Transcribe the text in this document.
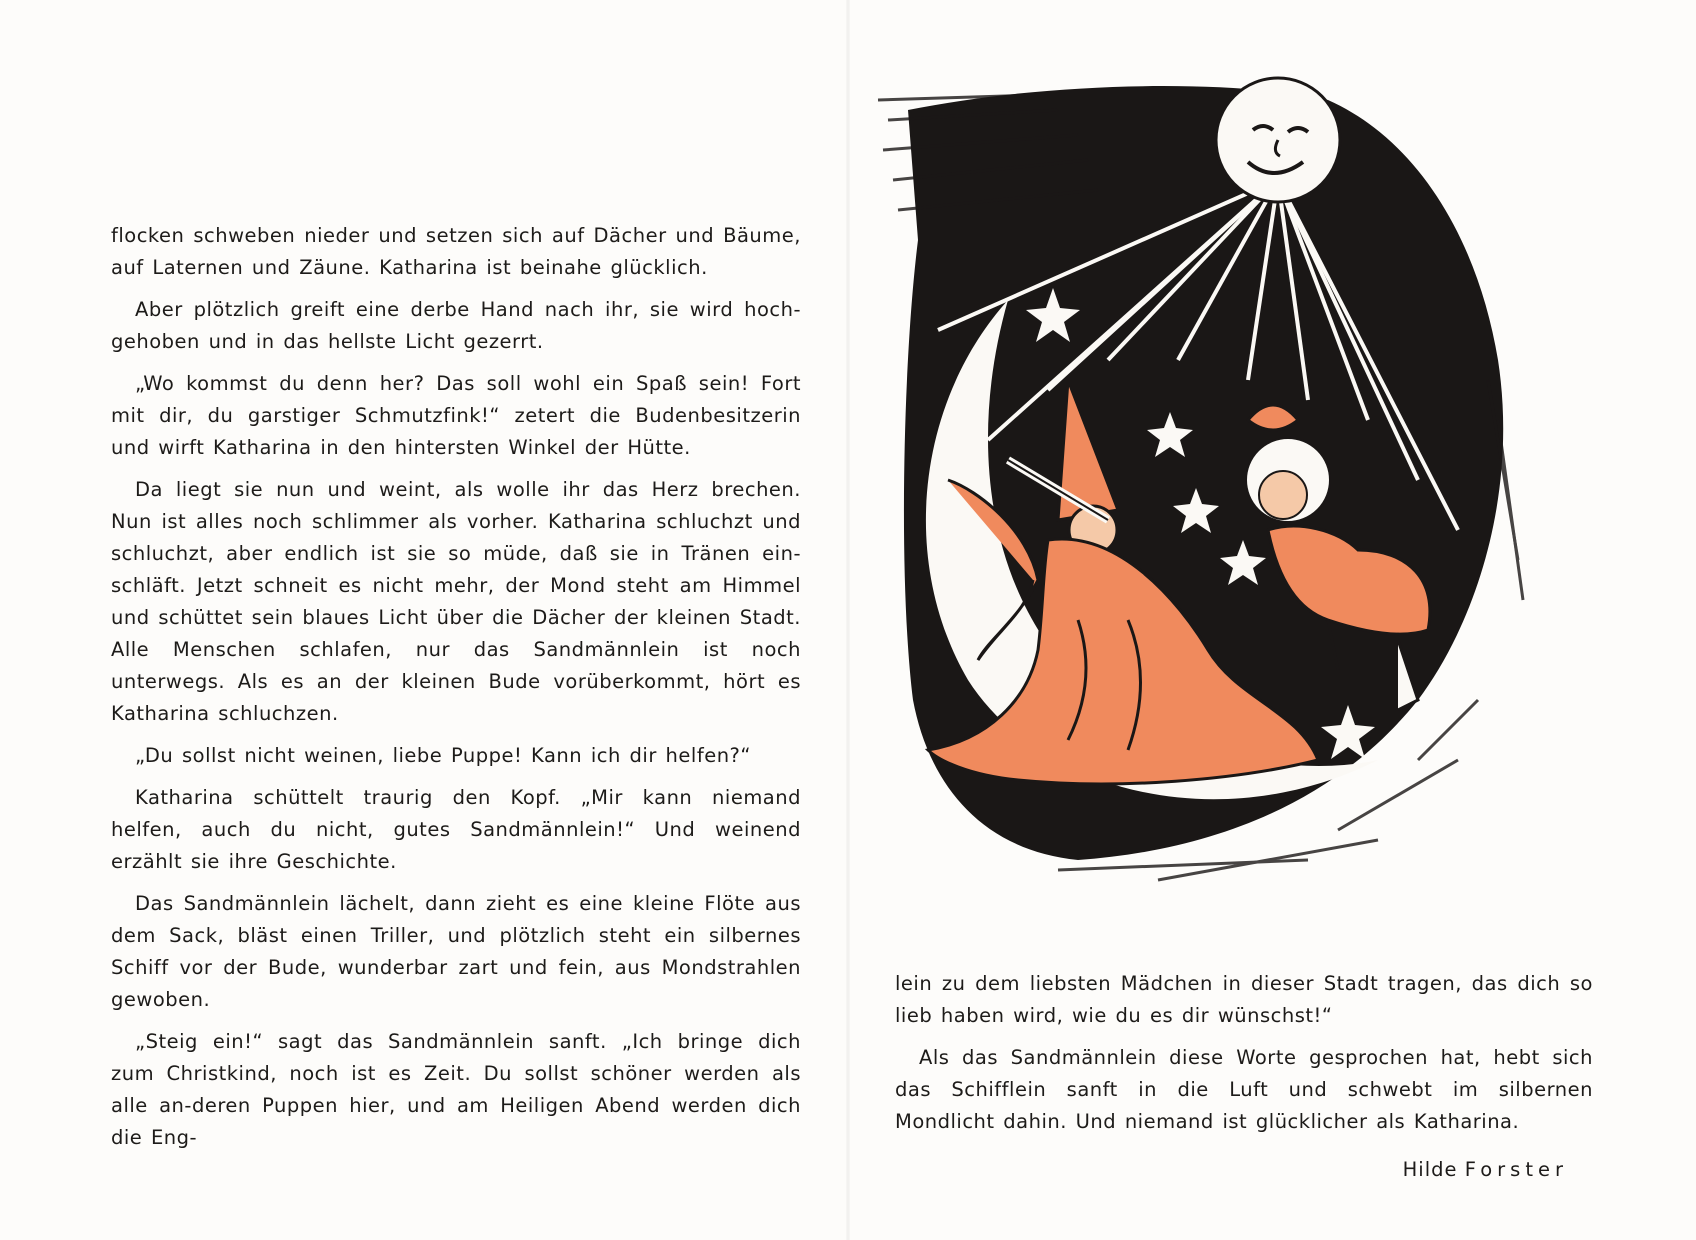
flocken schweben nieder und setzen sich auf Dächer und Bäume, auf Laternen und Zäune. Katharina ist beinahe glücklich.

Aber plötzlich greift eine derbe Hand nach ihr, sie wird hoch-gehoben und in das hellste Licht gezerrt.

„Wo kommst du denn her? Das soll wohl ein Spaß sein! Fort mit dir, du garstiger Schmutzfink!“ zetert die Budenbesitzerin und wirft Katharina in den hintersten Winkel der Hütte.

Da liegt sie nun und weint, als wolle ihr das Herz brechen. Nun ist alles noch schlimmer als vorher. Katharina schluchzt und schluchzt, aber endlich ist sie so müde, daß sie in Tränen ein-schläft. Jetzt schneit es nicht mehr, der Mond steht am Himmel und schüttet sein blaues Licht über die Dächer der kleinen Stadt. Alle Menschen schlafen, nur das Sandmännlein ist noch unterwegs. Als es an der kleinen Bude vorüberkommt, hört es Katharina schluchzen.

„Du sollst nicht weinen, liebe Puppe! Kann ich dir helfen?“

Katharina schüttelt traurig den Kopf. „Mir kann niemand helfen, auch du nicht, gutes Sandmännlein!“ Und weinend erzählt sie ihre Geschichte.

Das Sandmännlein lächelt, dann zieht es eine kleine Flöte aus dem Sack, bläst einen Triller, und plötzlich steht ein silbernes Schiff vor der Bude, wunderbar zart und fein, aus Mondstrahlen gewoben.

„Steig ein!“ sagt das Sandmännlein sanft. „Ich bringe dich zum Christkind, noch ist es Zeit. Du sollst schöner werden als alle an-deren Puppen hier, und am Heiligen Abend werden dich die Eng-

lein zu dem liebsten Mädchen in dieser Stadt tragen, das dich so lieb haben wird, wie du es dir wünschst!“

Als das Sandmännlein diese Worte gesprochen hat, hebt sich das Schifflein sanft in die Luft und schwebt im silbernen Mondlicht dahin. Und niemand ist glücklicher als Katharina.

Hilde Forster
